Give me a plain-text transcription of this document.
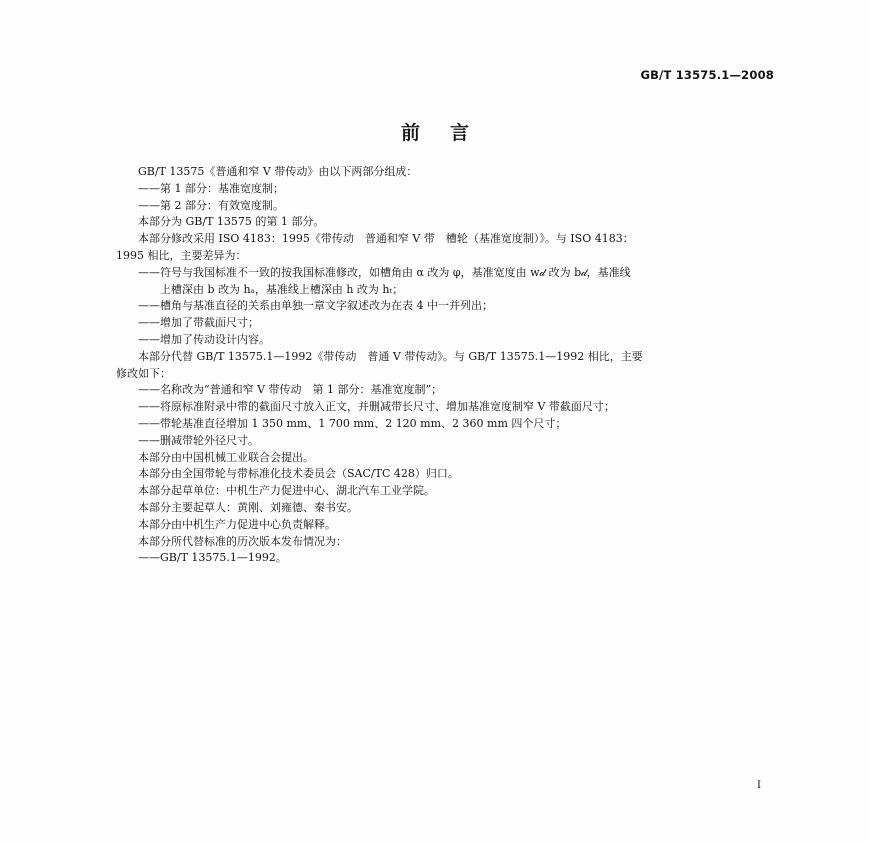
GB/T 13575.1—2008
前言

GB/T 13575《普通和窄 V 带传动》由以下两部分组成：

——第 1 部分：基准宽度制；

——第 2 部分：有效宽度制。

本部分为 GB/T 13575 的第 1 部分。

本部分修改采用 ISO 4183：1995《带传动　普通和窄 V 带　槽轮（基准宽度制）》。与 ISO 4183：

1995 相比，主要差异为：

——符号与我国标准不一致的按我国标准修改，如槽角由 α 改为 φ，基准宽度由 w𝒹 改为 b𝒹，基准线

上槽深由 b 改为 hₐ，基准线上槽深由 h 改为 hₜ；

——槽角与基准直径的关系由单独一章文字叙述改为在表 4 中一并列出；

——增加了带截面尺寸；

——增加了传动设计内容。

本部分代替 GB/T 13575.1—1992《带传动　普通 V 带传动》。与 GB/T 13575.1—1992 相比，主要

修改如下：

——名称改为“普通和窄 V 带传动　第 1 部分：基准宽度制”；

——将原标准附录中带的截面尺寸放入正文，并删减带长尺寸、增加基准宽度制窄 V 带截面尺寸；

——带轮基准直径增加 1 350 mm、1 700 mm、2 120 mm、2 360 mm 四个尺寸；

——删减带轮外径尺寸。

本部分由中国机械工业联合会提出。

本部分由全国带轮与带标准化技术委员会（SAC/TC 428）归口。

本部分起草单位：中机生产力促进中心、湖北汽车工业学院。

本部分主要起草人：黄刚、刘雍德、秦书安。

本部分由中机生产力促进中心负责解释。

本部分所代替标准的历次版本发布情况为：

——GB/T 13575.1—1992。

I
